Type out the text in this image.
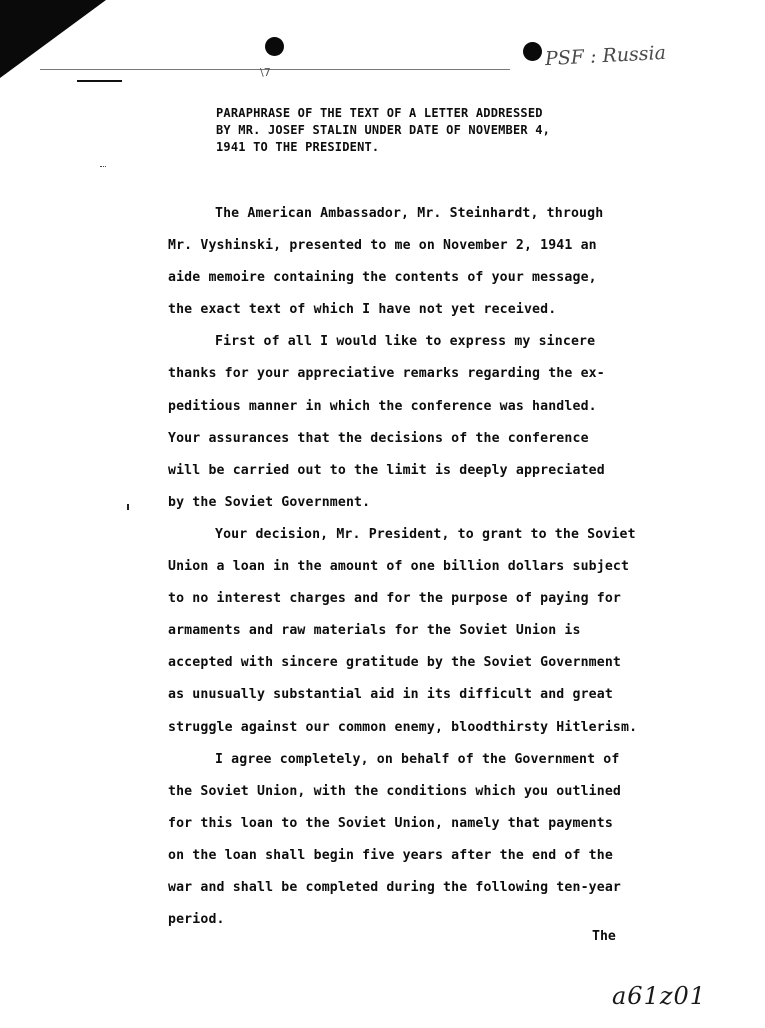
\7
PSF : Russia
PARAPHRASE OF THE TEXT OF A LETTER ADDRESSED
BY MR. JOSEF STALIN UNDER DATE OF NOVEMBER 4,
1941 TO THE PRESIDENT.
The American Ambassador, Mr. Steinhardt, through
Mr. Vyshinski, presented to me on November 2, 1941 an
aide memoire containing the contents of your message,
the exact text of which I have not yet received.
First of all I would like to express my sincere
thanks for your appreciative remarks regarding the ex-
peditious manner in which the conference was handled.
Your assurances that the decisions of the conference
will be carried out to the limit is deeply appreciated
by the Soviet Government.
Your decision, Mr. President, to grant to the Soviet
Union a loan in the amount of one billion dollars subject
to no interest charges and for the purpose of paying for
armaments and raw materials for the Soviet Union is
accepted with sincere gratitude by the Soviet Government
as unusually substantial aid in its difficult and great
struggle against our common enemy, bloodthirsty Hitlerism.
I agree completely, on behalf of the Government of
the Soviet Union, with the conditions which you outlined
for this loan to the Soviet Union, namely that payments
on the loan shall begin five years after the end of the
war and shall be completed during the following ten-year
period.
The
a61z01
